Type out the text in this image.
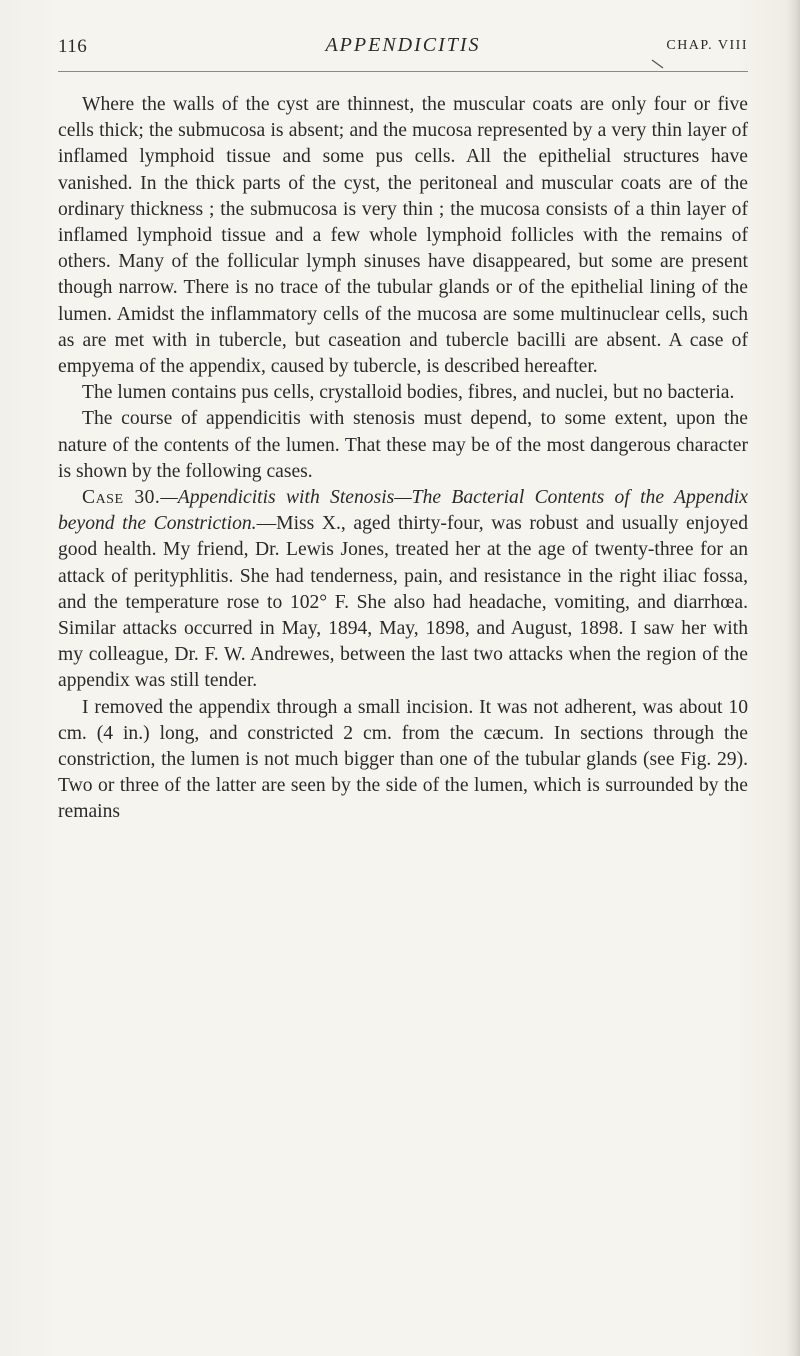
116	APPENDICITIS	CHAP. VIII

Where the walls of the cyst are thinnest, the muscular coats are only four or five cells thick; the submucosa is absent; and the mucosa represented by a very thin layer of inflamed lymphoid tissue and some pus cells. All the epithelial structures have vanished. In the thick parts of the cyst, the peritoneal and muscular coats are of the ordinary thickness ; the submucosa is very thin ; the mucosa consists of a thin layer of inflamed lymphoid tissue and a few whole lymphoid follicles with the remains of others. Many of the follicular lymph sinuses have disappeared, but some are present though narrow. There is no trace of the tubular glands or of the epithelial lining of the lumen. Amidst the inflammatory cells of the mucosa are some multinuclear cells, such as are met with in tubercle, but caseation and tubercle bacilli are absent. A case of empyema of the appendix, caused by tubercle, is described hereafter.

The lumen contains pus cells, crystalloid bodies, fibres, and nuclei, but no bacteria.

The course of appendicitis with stenosis must depend, to some extent, upon the nature of the contents of the lumen. That these may be of the most dangerous character is shown by the following cases.

Case 30.—Appendicitis with Stenosis—The Bacterial Contents of the Appendix beyond the Constriction.—Miss X., aged thirty-four, was robust and usually enjoyed good health. My friend, Dr. Lewis Jones, treated her at the age of twenty-three for an attack of perityphlitis. She had tenderness, pain, and resistance in the right iliac fossa, and the temperature rose to 102° F. She also had headache, vomiting, and diarrhœa. Similar attacks occurred in May, 1894, May, 1898, and August, 1898. I saw her with my colleague, Dr. F. W. Andrewes, between the last two attacks when the region of the appendix was still tender.

I removed the appendix through a small incision. It was not adherent, was about 10 cm. (4 in.) long, and constricted 2 cm. from the cæcum. In sections through the constriction, the lumen is not much bigger than one of the tubular glands (see Fig. 29). Two or three of the latter are seen by the side of the lumen, which is surrounded by the remains
